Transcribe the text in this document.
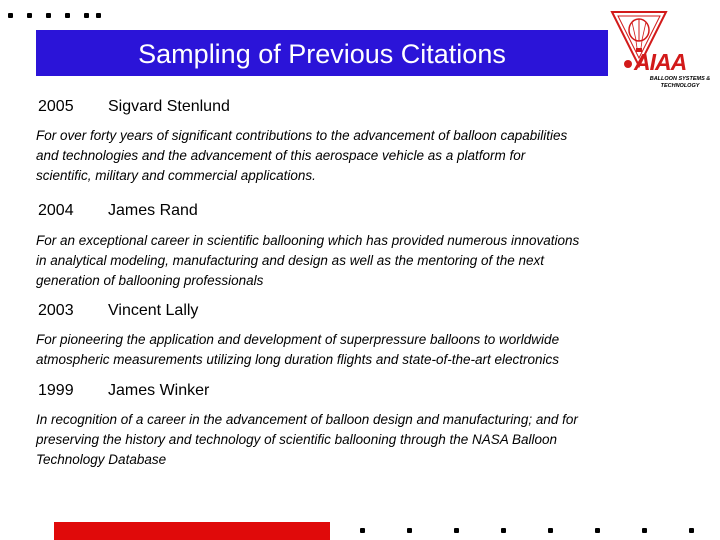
Sampling of Previous Citations	AIAA
BALLOON SYSTEMS & TECHNOLOGY
2005 Sigvard Stenlund
For over forty years of significant contributions to the advancement of balloon capabilities
and technologies and the advancement of this aerospace vehicle as a platform for
scientific, military and commercial applications.
2004 James Rand
For an exceptional career in scientific ballooning which has provided numerous innovations
in analytical modeling, manufacturing and design as well as the mentoring of the next
generation of ballooning professionals
2003 Vincent Lally
For pioneering the application and development of superpressure balloons to worldwide
atmospheric measurements utilizing long duration flights and state-of-the-art electronics
1999 James Winker
In recognition of a career in the advancement of balloon design and manufacturing; and for
preserving the history and technology of scientific ballooning through the NASA Balloon
Technology Database
